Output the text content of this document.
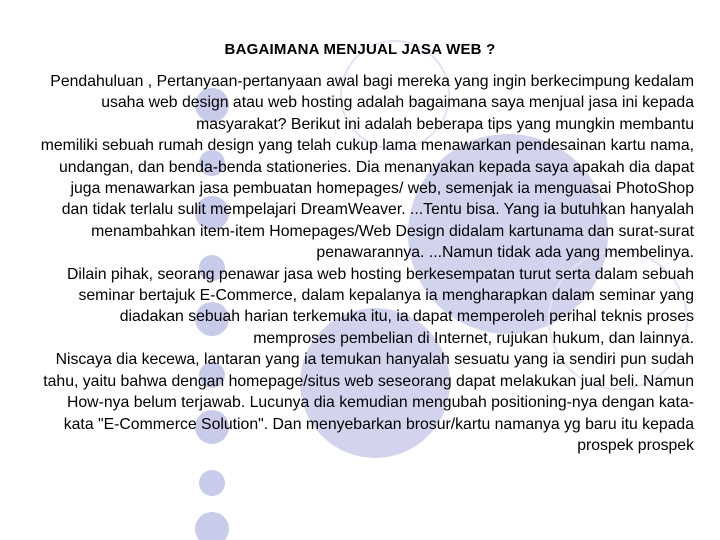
BAGAIMANA MENJUAL JASA WEB ?
Pendahuluan , Pertanyaan-pertanyaan awal bagi mereka yang ingin berkecimpung kedalam usaha web design atau web hosting adalah bagaimana saya menjual jasa ini kepada masyarakat? Berikut ini adalah beberapa tips yang mungkin membantu
memiliki sebuah rumah design yang telah cukup lama menawarkan pendesainan kartu nama, undangan, dan benda-benda stationeries. Dia menanyakan kepada saya apakah dia dapat juga menawarkan jasa pembuatan homepages/ web, semenjak ia menguasai PhotoShop dan tidak terlalu sulit mempelajari DreamWeaver. ...Tentu bisa. Yang ia butuhkan hanyalah menambahkan item-item Homepages/Web Design didalam kartunama dan surat-surat penawarannya. ...Namun tidak ada yang membelinya.
Dilain pihak, seorang penawar jasa web hosting berkesempatan turut serta dalam sebuah seminar bertajuk E-Commerce, dalam kepalanya ia mengharapkan dalam seminar yang diadakan sebuah harian terkemuka itu, ia dapat memperoleh perihal teknis proses memproses pembelian di Internet, rujukan hukum, dan lainnya.
Niscaya dia kecewa, lantaran yang ia temukan hanyalah sesuatu yang ia sendiri pun sudah tahu, yaitu bahwa dengan homepage/situs web seseorang dapat melakukan jual beli. Namun How-nya belum terjawab. Lucunya dia kemudian mengubah positioning-nya dengan kata-kata "E-Commerce Solution". Dan menyebarkan brosur/kartu namanya yg baru itu kepada prospek prospek
